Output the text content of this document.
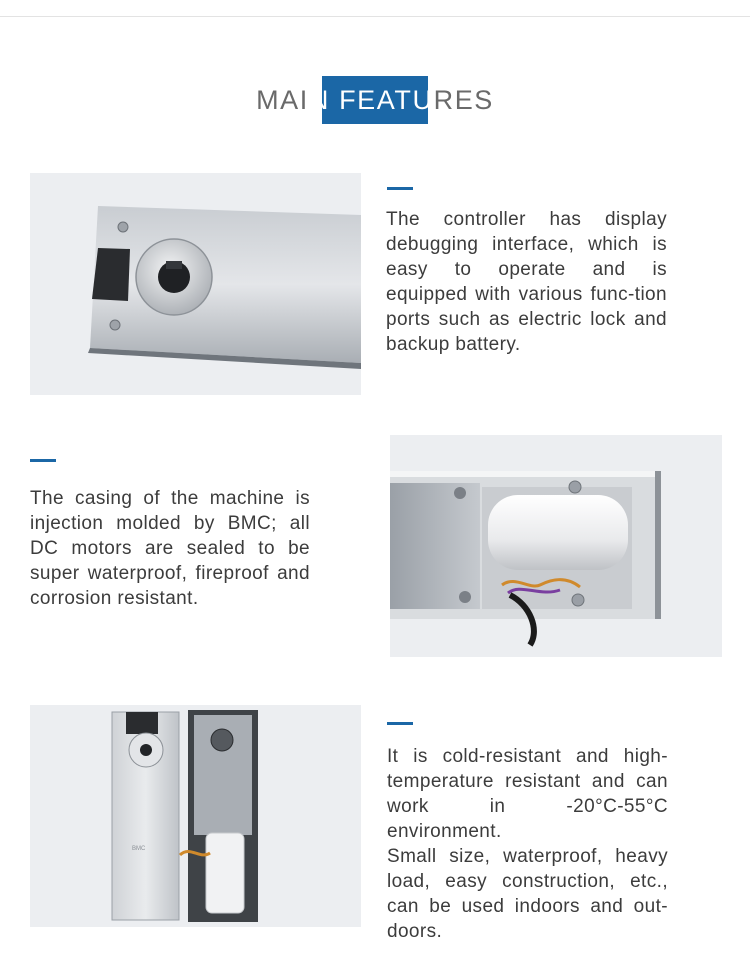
MAIN FEATURES

The controller has display debugging interface, which is easy to operate and is equipped with various func-tion ports such as electric lock and backup battery.

The casing of the machine is injection molded by BMC; all DC motors are sealed to be super waterproof, fireproof and corrosion resistant.

BMC

It is cold-resistant and high-temperature resistant and can work in -20°C-55°C environment.

Small size, waterproof, heavy load, easy construction, etc., can be used indoors and out-doors.
